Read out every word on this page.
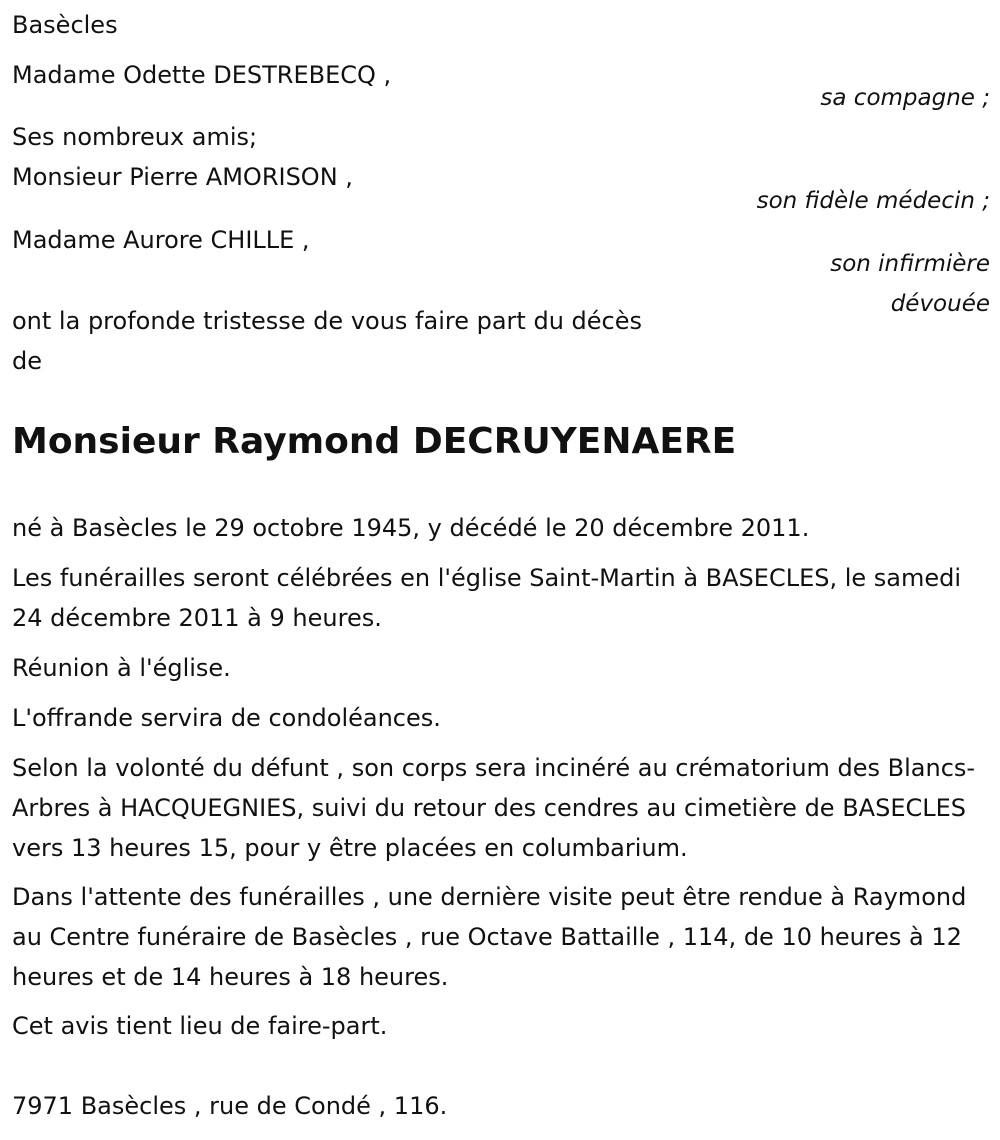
Basècles

Madame Odette DESTREBECQ ,

sa compagne ;

Ses nombreux amis;

Monsieur Pierre AMORISON ,

son fidèle médecin ;

Madame Aurore CHILLE ,

son infirmière
dévouée

ont la profonde tristesse de vous faire part du décès

de

Monsieur Raymond DECRUYENAERE

né à Basècles le 29 octobre 1945, y décédé le 20 décembre 2011.

Les funérailles seront célébrées en l'église Saint-Martin à BASECLES, le samedi 24 décembre 2011 à 9 heures.

Réunion à l'église.

L'offrande servira de condoléances.

Selon la volonté du défunt , son corps sera incinéré au crématorium des Blancs-Arbres à HACQUEGNIES, suivi du retour des cendres au cimetière de BASECLES vers 13 heures 15, pour y être placées en columbarium.

Dans l'attente des funérailles , une dernière visite peut être rendue à Raymond au Centre funéraire de Basècles , rue Octave Battaille , 114, de 10 heures à 12 heures et de 14 heures à 18 heures.

Cet avis tient lieu de faire-part.

7971 Basècles , rue de Condé , 116.
